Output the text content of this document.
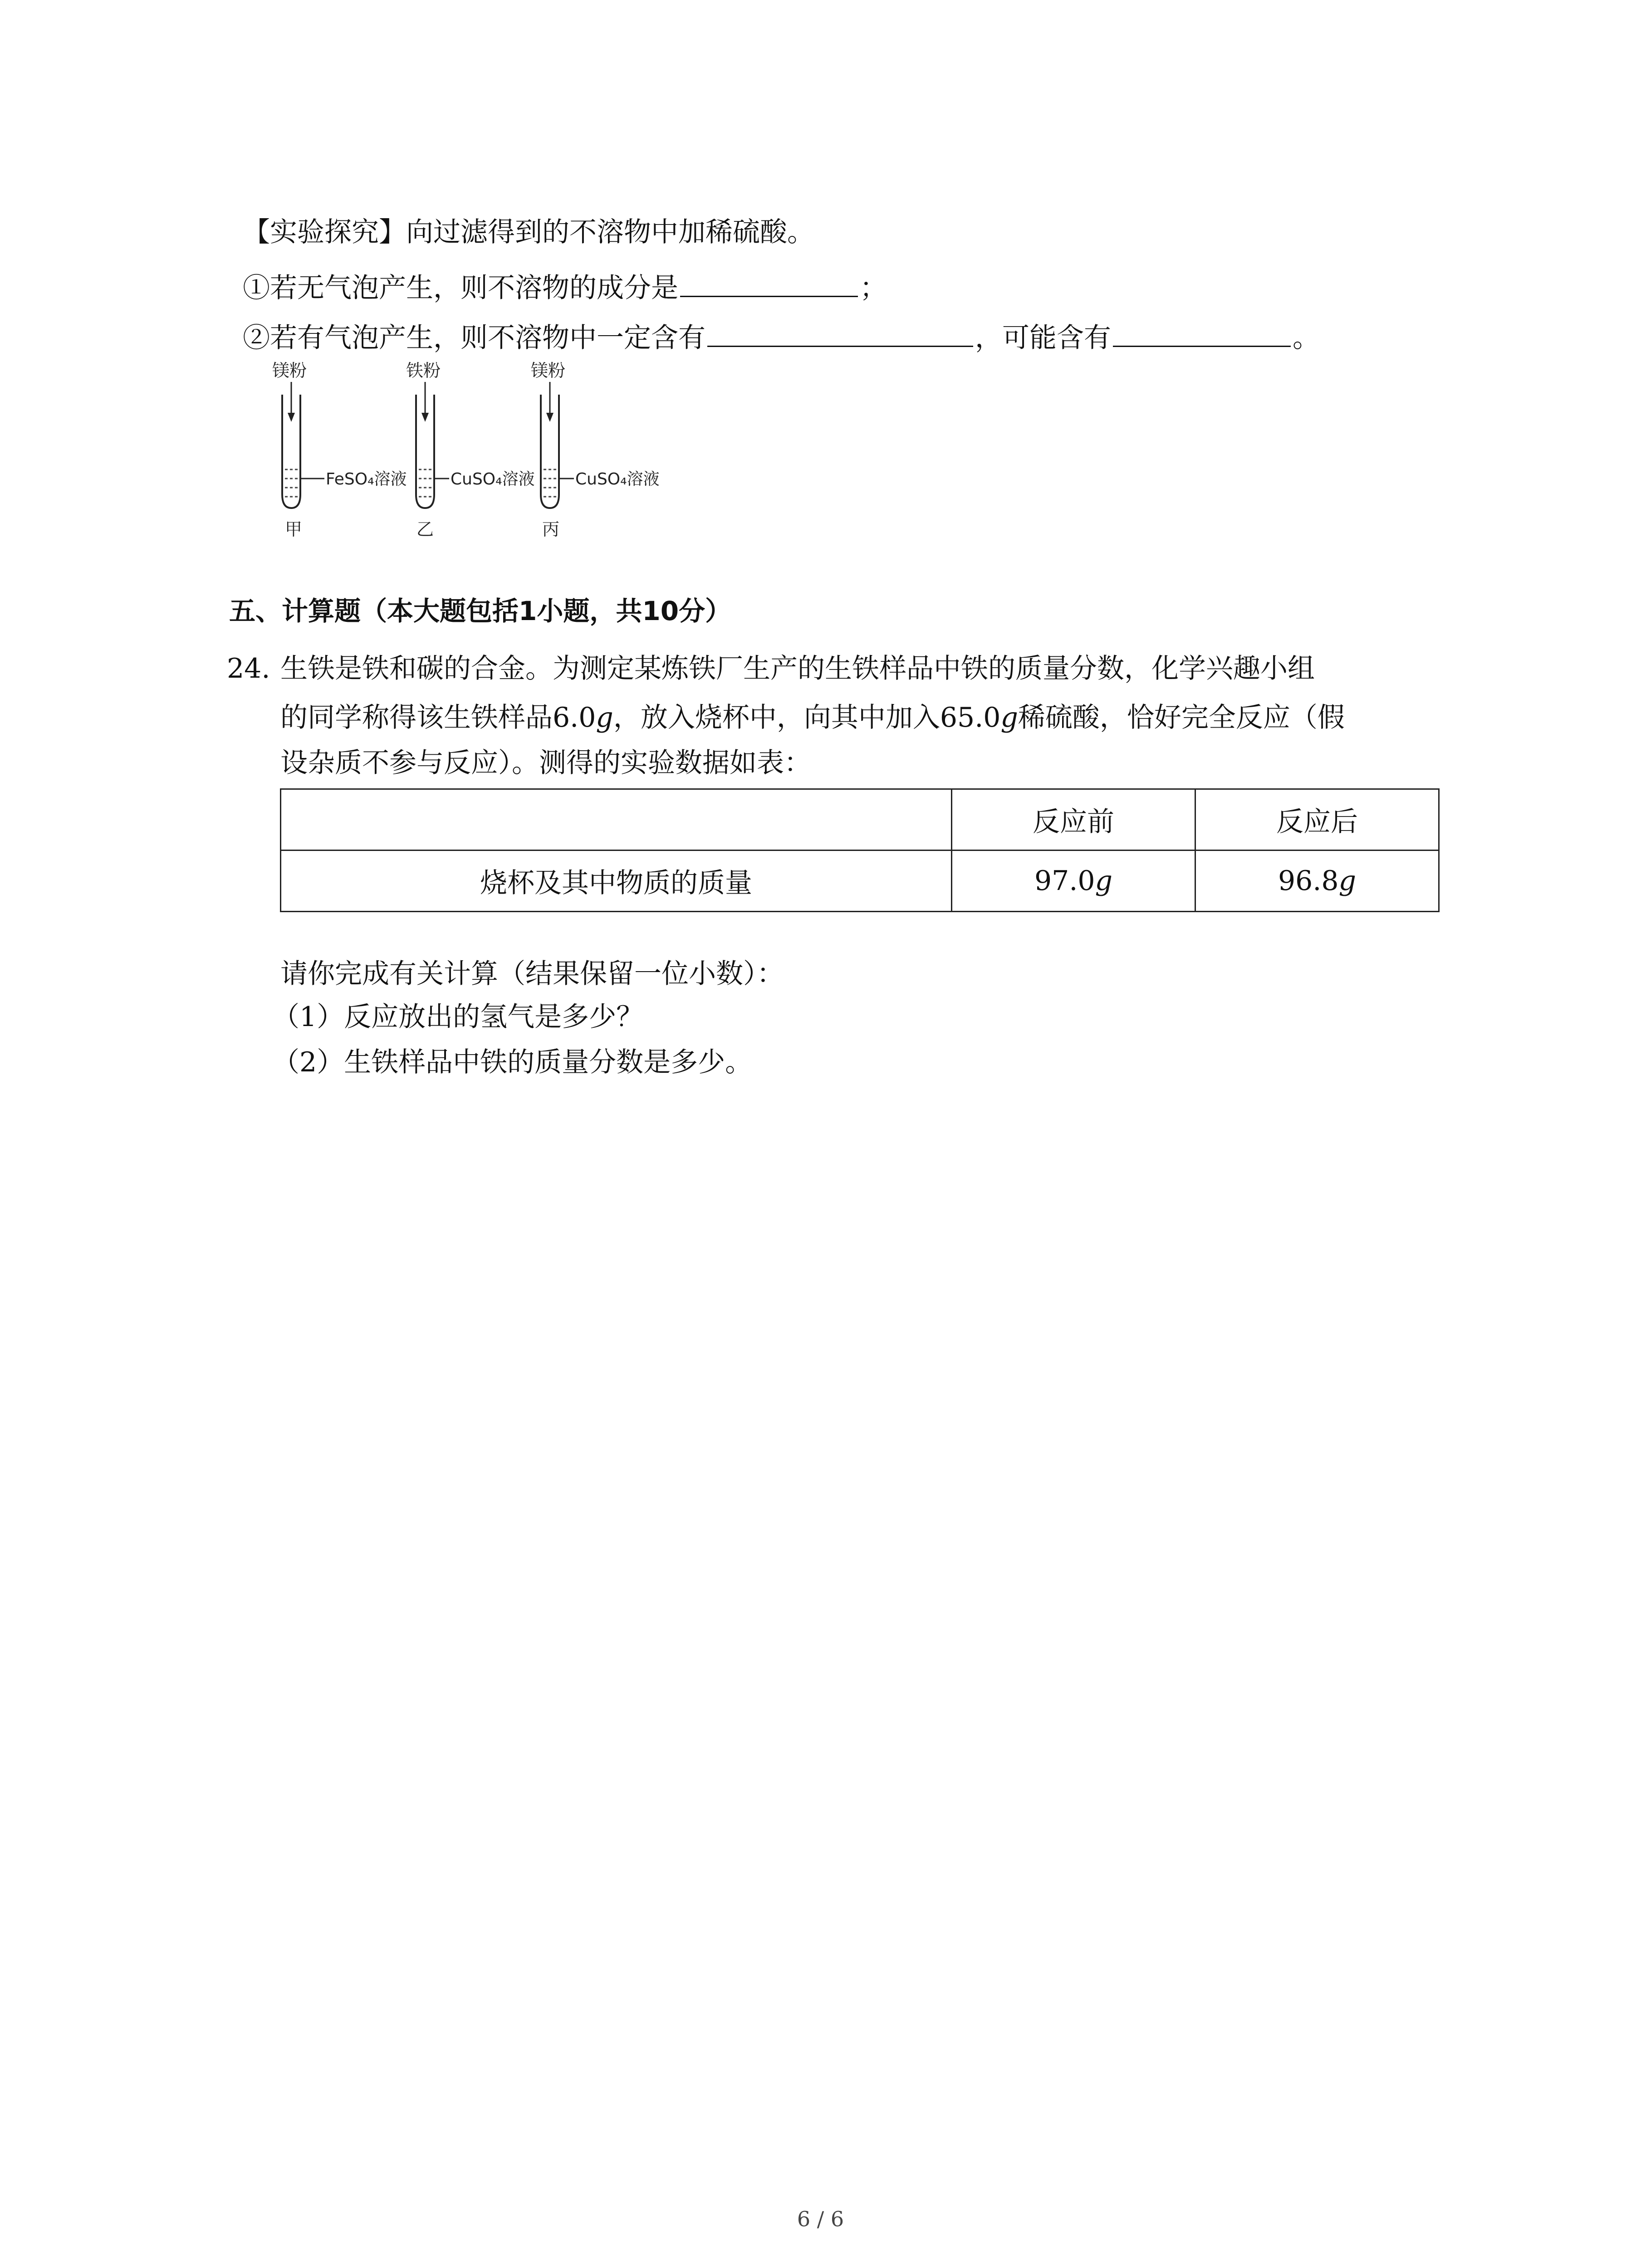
【实验探究】向过滤得到的不溶物中加稀硫酸。
①若无气泡产生，则不溶物的成分是	；
②若有气泡产生，则不溶物中一定含有	，可能含有	。
镁粉
FeSO₄溶液
甲
铁粉
CuSO₄溶液
乙
镁粉
CuSO₄溶液
丙
五、计算题（本大题包括1小题，共10分）
24. 生铁是铁和碳的合金。为测定某炼铁厂生产的生铁样品中铁的质量分数，化学兴趣小组
的同学称得该生铁样品6.0g，放入烧杯中，向其中加入65.0g稀硫酸，恰好完全反应（假
设杂质不参与反应）。测得的实验数据如表：
	反应前	反应后
烧杯及其中物质的质量	97.0g	96.8g
请你完成有关计算（结果保留一位小数）：
（1）反应放出的氢气是多少？
（2）生铁样品中铁的质量分数是多少。
6 / 6
